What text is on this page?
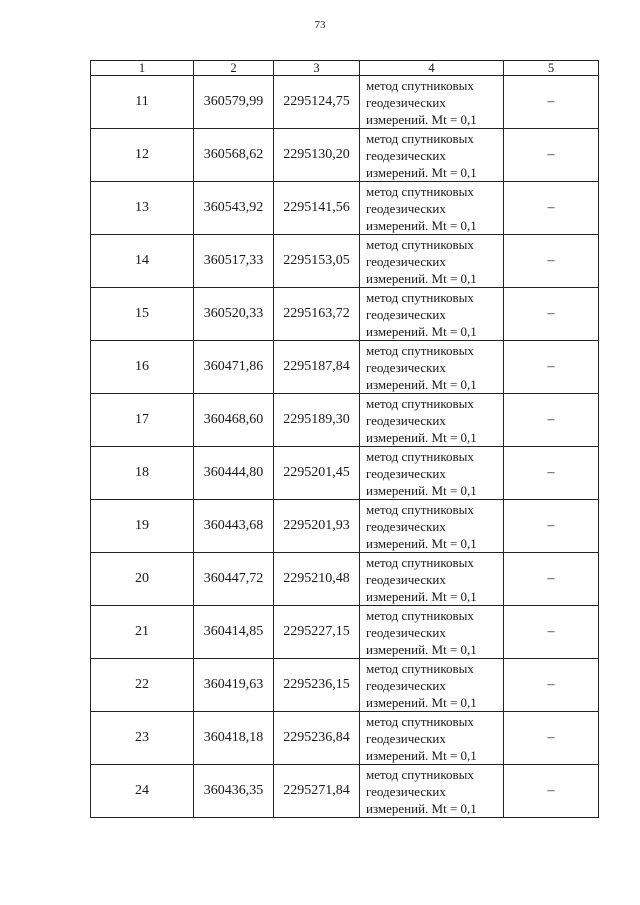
73
1	2	3	4	5
11	360579,99	2295124,75	метод спутниковых
геодезических
измерений. Mt = 0,1	–
12	360568,62	2295130,20	метод спутниковых
геодезических
измерений. Mt = 0,1	–
13	360543,92	2295141,56	метод спутниковых
геодезических
измерений. Mt = 0,1	–
14	360517,33	2295153,05	метод спутниковых
геодезических
измерений. Mt = 0,1	–
15	360520,33	2295163,72	метод спутниковых
геодезических
измерений. Mt = 0,1	–
16	360471,86	2295187,84	метод спутниковых
геодезических
измерений. Mt = 0,1	–
17	360468,60	2295189,30	метод спутниковых
геодезических
измерений. Mt = 0,1	–
18	360444,80	2295201,45	метод спутниковых
геодезических
измерений. Mt = 0,1	–
19	360443,68	2295201,93	метод спутниковых
геодезических
измерений. Mt = 0,1	–
20	360447,72	2295210,48	метод спутниковых
геодезических
измерений. Mt = 0,1	–
21	360414,85	2295227,15	метод спутниковых
геодезических
измерений. Mt = 0,1	–
22	360419,63	2295236,15	метод спутниковых
геодезических
измерений. Mt = 0,1	–
23	360418,18	2295236,84	метод спутниковых
геодезических
измерений. Mt = 0,1	–
24	360436,35	2295271,84	метод спутниковых
геодезических
измерений. Mt = 0,1	–
